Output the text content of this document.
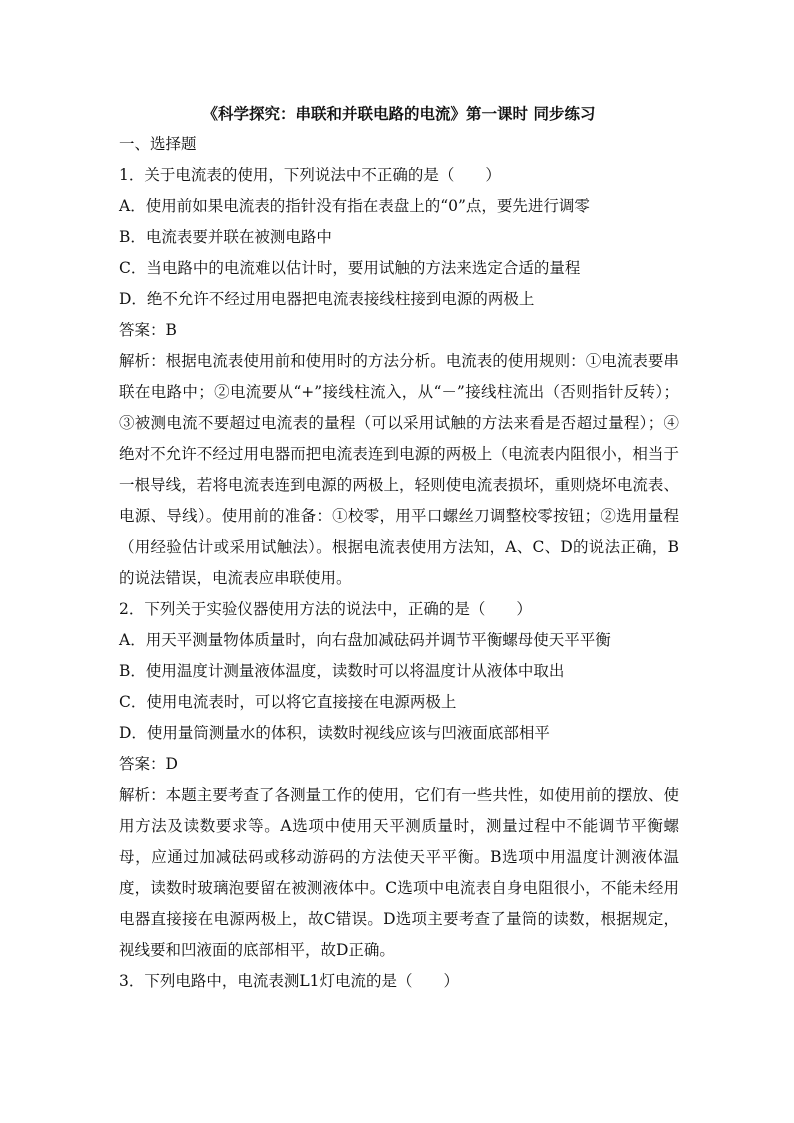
《科学探究：串联和并联电路的电流》第一课时 同步练习
一、选择题
1．关于电流表的使用，下列说法中不正确的是（　　）
A．使用前如果电流表的指针没有指在表盘上的“0”点，要先进行调零
B．电流表要并联在被测电路中
C．当电路中的电流难以估计时，要用试触的方法来选定合适的量程
D．绝不允许不经过用电器把电流表接线柱接到电源的两极上
答案：B
解析：根据电流表使用前和使用时的方法分析。电流表的使用规则：①电流表要串联在电路中；②电流要从“+”接线柱流入，从“－”接线柱流出（否则指针反转）；③被测电流不要超过电流表的量程（可以采用试触的方法来看是否超过量程）；④绝对不允许不经过用电器而把电流表连到电源的两极上（电流表内阻很小，相当于一根导线，若将电流表连到电源的两极上，轻则使电流表损坏，重则烧坏电流表、电源、导线）。使用前的准备：①校零，用平口螺丝刀调整校零按钮；②选用量程（用经验估计或采用试触法）。根据电流表使用方法知，A、C、D的说法正确，B的说法错误，电流表应串联使用。
2．下列关于实验仪器使用方法的说法中，正确的是（　　）
A．用天平测量物体质量时，向右盘加减砝码并调节平衡螺母使天平平衡
B．使用温度计测量液体温度，读数时可以将温度计从液体中取出
C．使用电流表时，可以将它直接接在电源两极上
D．使用量筒测量水的体积，读数时视线应该与凹液面底部相平
答案：D
解析：本题主要考查了各测量工作的使用，它们有一些共性，如使用前的摆放、使用方法及读数要求等。A选项中使用天平测质量时，测量过程中不能调节平衡螺母，应通过加减砝码或移动游码的方法使天平平衡。B选项中用温度计测液体温度，读数时玻璃泡要留在被测液体中。C选项中电流表自身电阻很小，不能未经用电器直接接在电源两极上，故C错误。D选项主要考查了量筒的读数，根据规定，视线要和凹液面的底部相平，故D正确。
3．下列电路中，电流表测L1灯电流的是（　　）
